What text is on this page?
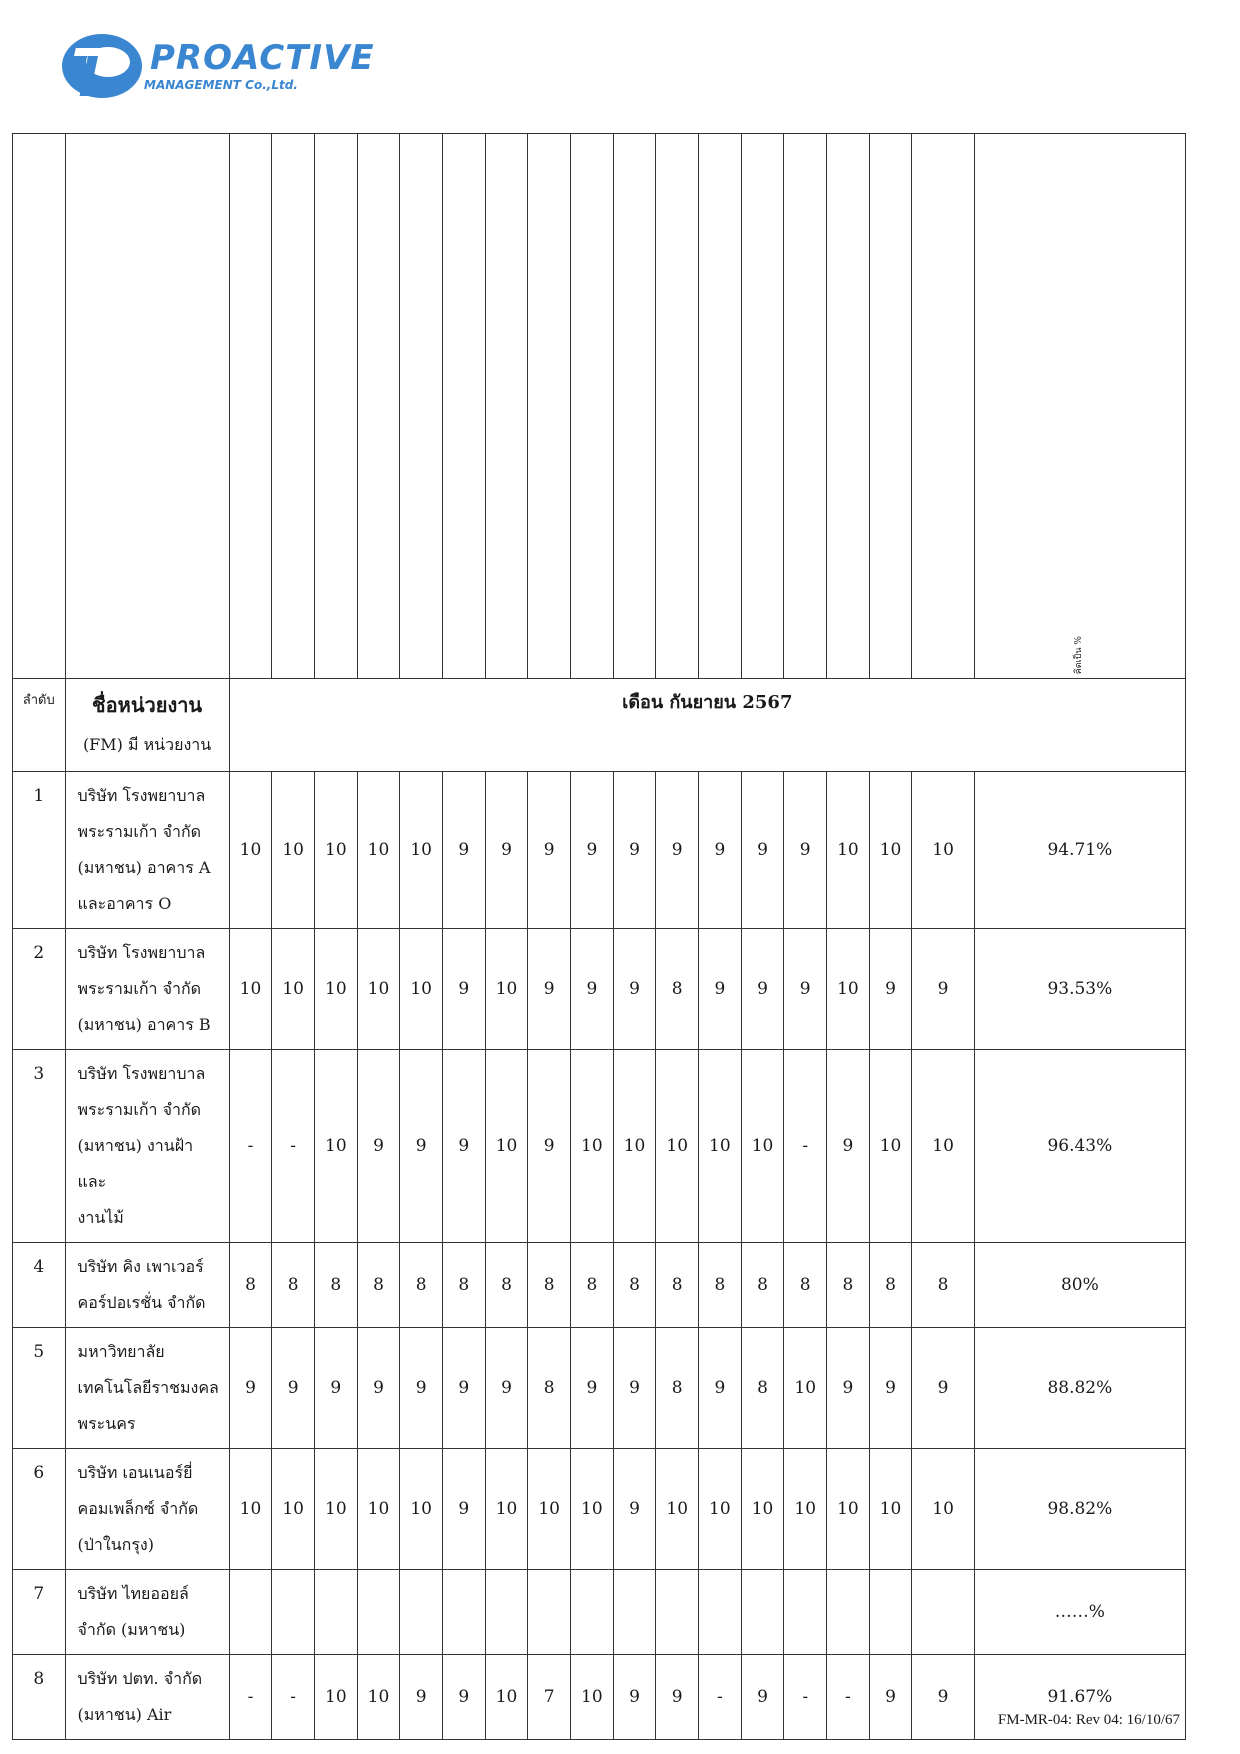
PROACTIVE
MANAGEMENT Co.,Ltd.

																			คิดเป็น %

ลำดับ	ชื่อหน่วยงาน
(FM) มี หน่วยงาน	เดือน กันยายน 2567																	
1	บริษัท โรงพยาบาล
พระรามเก้า จำกัด
(มหาชน) อาคาร A
และอาคาร O	10	10	10	10	10	9	9	9	9	9	9	9	9	9	10	10	10	94.71%
2	บริษัท โรงพยาบาล
พระรามเก้า จำกัด
(มหาชน) อาคาร B	10	10	10	10	10	9	10	9	9	9	8	9	9	9	10	9	9	93.53%
3	บริษัท โรงพยาบาล
พระรามเก้า จำกัด
(มหาชน) งานฝ้าและ
งานไม้	-	-	10	9	9	9	10	9	10	10	10	10	10	-	9	10	10	96.43%
4	บริษัท คิง เพาเวอร์
คอร์ปอเรชั่น จำกัด	8	8	8	8	8	8	8	8	8	8	8	8	8	8	8	8	8	80%
5	มหาวิทยาลัย
เทคโนโลยีราชมงคล
พระนคร	9	9	9	9	9	9	9	8	9	9	8	9	8	10	9	9	9	88.82%
6	บริษัท เอนเนอร์ยี่
คอมเพล็กซ์ จำกัด
(ป่าในกรุง)	10	10	10	10	10	9	10	10	10	9	10	10	10	10	10	10	10	98.82%
7	บริษัท ไทยออยล์
จำกัด (มหาชน)																		……%
8	บริษัท ปตท. จำกัด
(มหาชน) Air	-	-	10	10	9	9	10	7	10	9	9	-	9	-	-	9	9	91.67%
FM-MR-04: Rev 04: 16/10/67
